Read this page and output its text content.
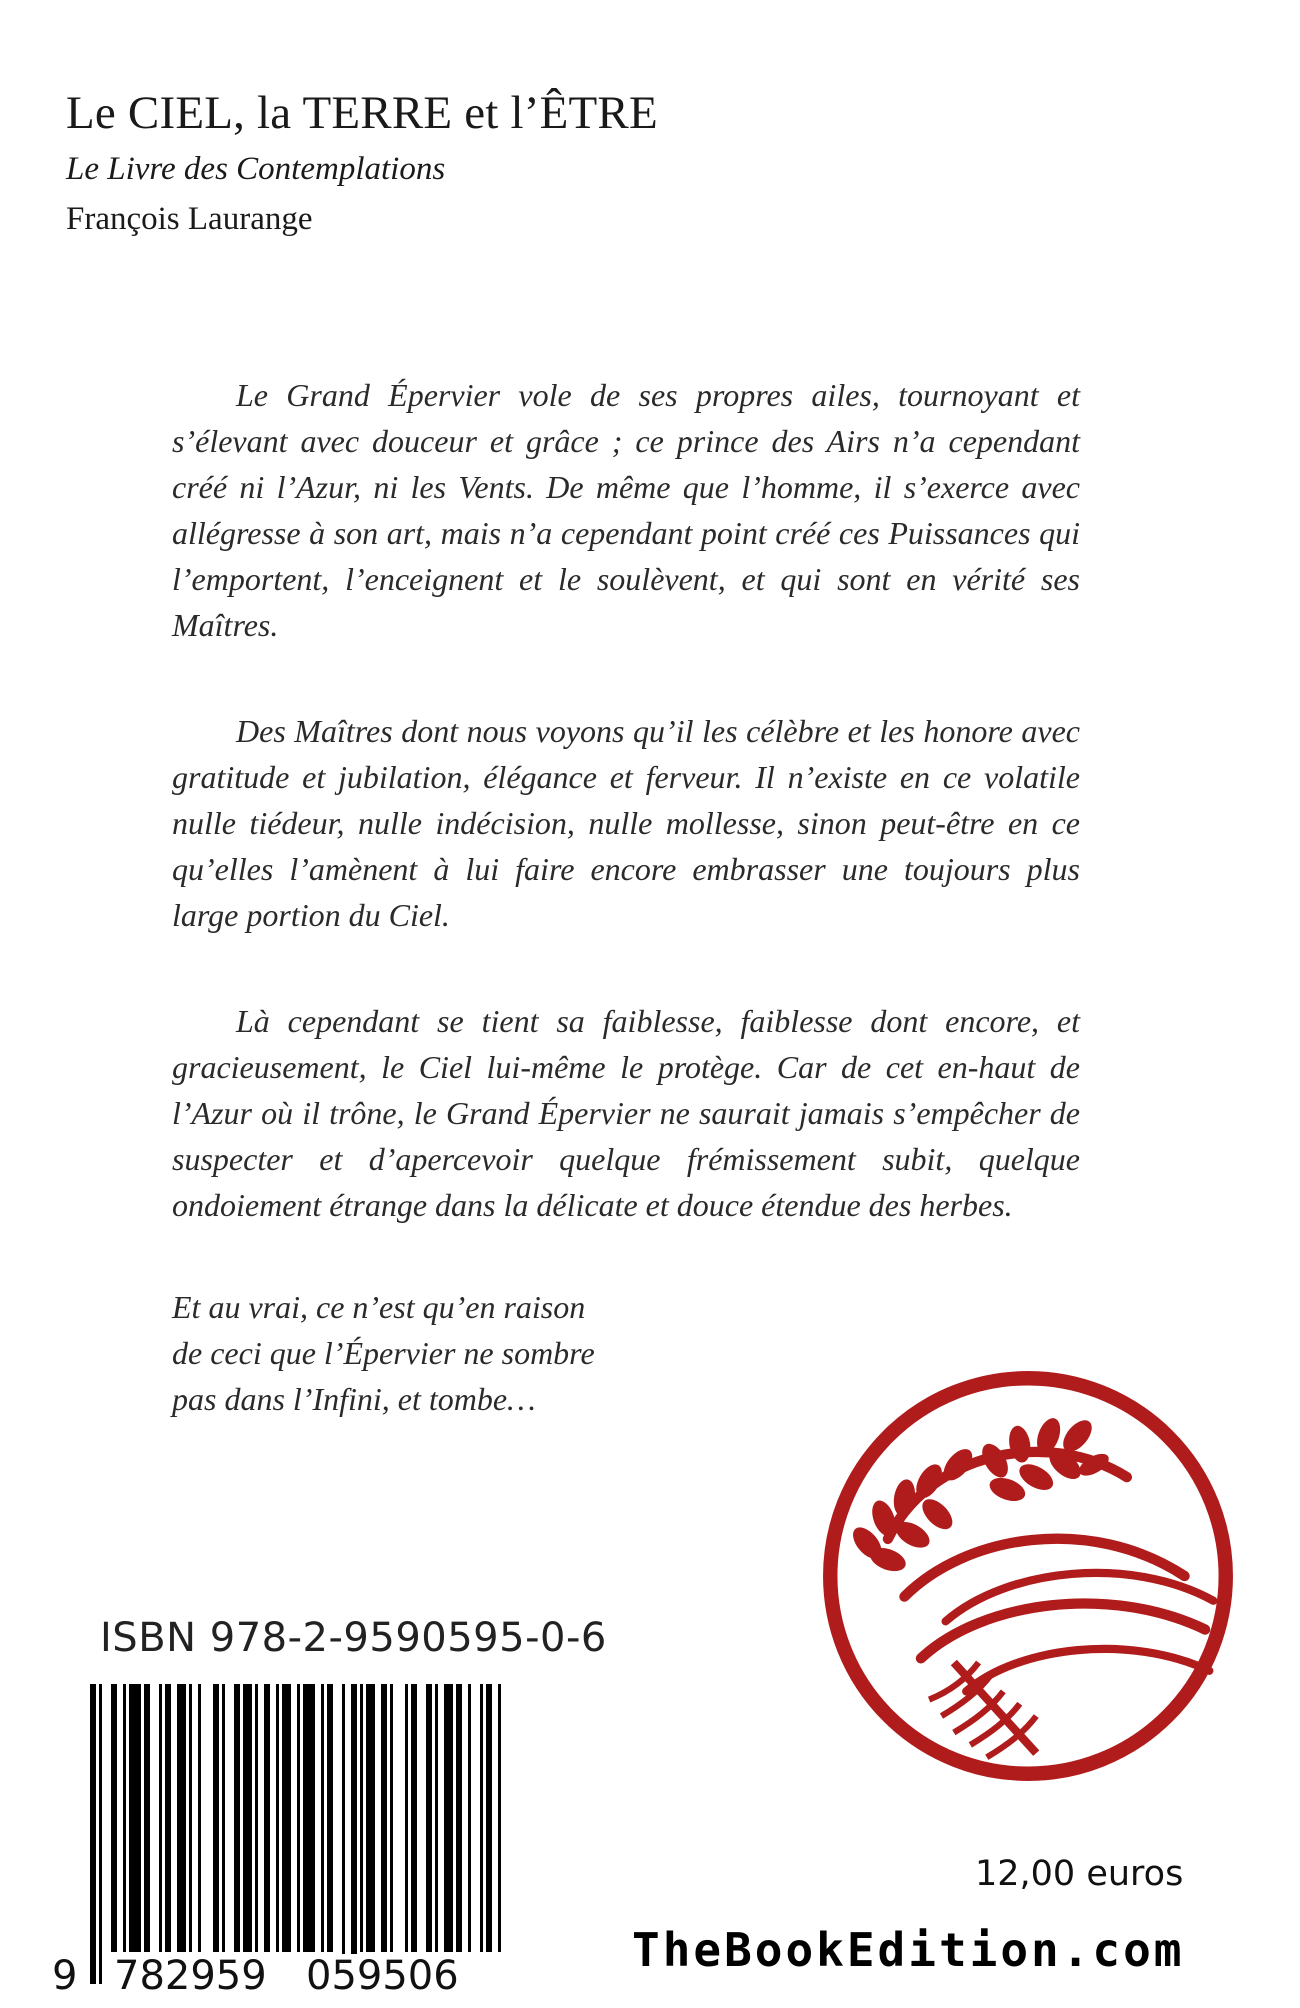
Le CIEL, la TERRE et l’ÊTRE
Le Livre des Contemplations
François Laurange

Le Grand Épervier vole de ses propres ailes, tournoyant et s’élevant avec douceur et grâce ; ce prince des Airs n’a cependant créé ni l’Azur, ni les Vents. De même que l’homme, il s’exerce avec allégresse à son art, mais n’a cependant point créé ces Puissances qui l’emportent, l’enceignent et le soulèvent, et qui sont en vérité ses Maîtres.

Des Maîtres dont nous voyons qu’il les célèbre et les honore avec gratitude et jubilation, élégance et ferveur. Il n’existe en ce volatile nulle tiédeur, nulle indécision, nulle mollesse, sinon peut-être en ce qu’elles l’amènent à lui faire encore embrasser une toujours plus large portion du Ciel.

Là cependant se tient sa faiblesse, faiblesse dont encore, et gracieusement, le Ciel lui-même le protège. Car de cet en-haut de l’Azur où il trône, le Grand Épervier ne saurait jamais s’empêcher de suspecter et d’apercevoir quelque frémissement subit, quelque ondoiement étrange dans la délicate et douce étendue des herbes.

Et au vrai, ce n’est qu’en raison de ceci que l’Épervier ne sombre pas dans l’Infini, et tombe…

ISBN 978-2-9590595-0-6
9 782959 059506
12,00 euros
TheBookEdition.com
